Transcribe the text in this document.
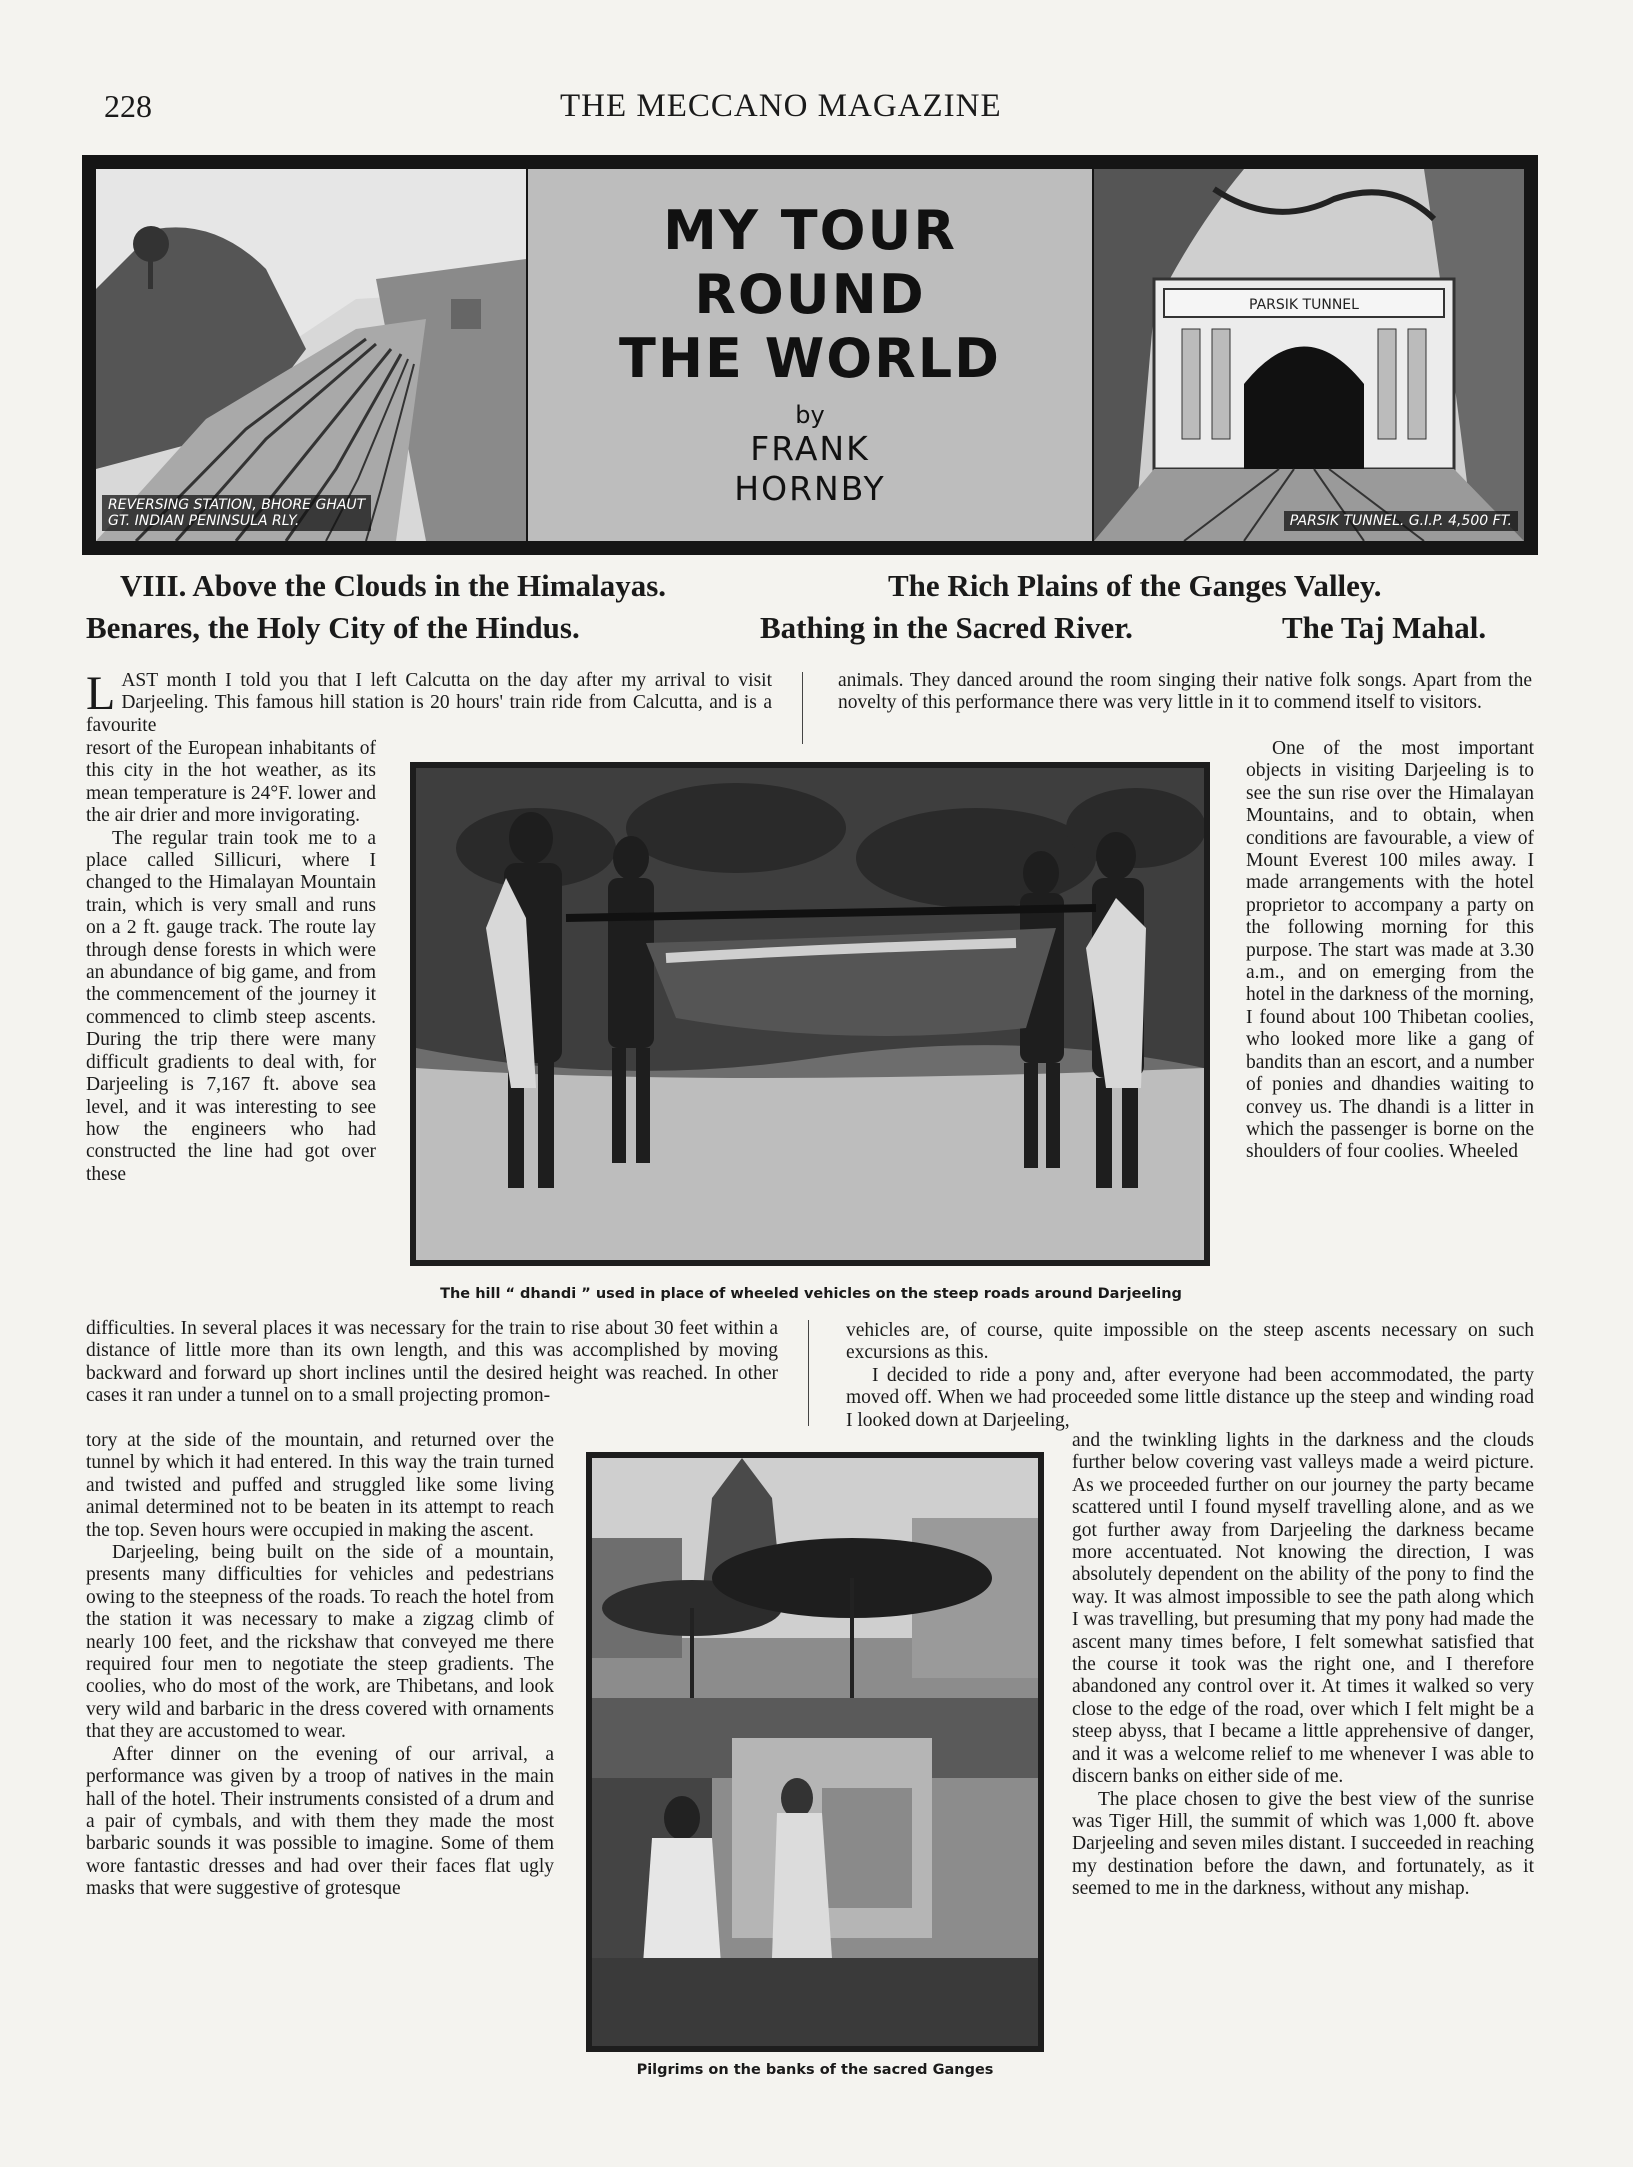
228	THE MECCANO MAGAZINE
REVERSING STATION, BHORE GHAUT
GT. INDIAN PENINSULA RLY.
MY TOUR
ROUND
THE WORLD
by
FRANK
HORNBY
PARSIK TUNNEL
PARSIK TUNNEL. G.I.P. 4,500 FT.
VIII. Above the Clouds in the Himalayas.	The Rich Plains of the Ganges Valley.
Benares, the Holy City of the Hindus.	Bathing in the Sacred River.	The Taj Mahal.
L AST month I told you that I left Calcutta on the day after my arrival to visit Darjeeling. This famous hill station is 20 hours' train ride from Calcutta, and is a favourite

animals. They danced around the room singing their native folk songs. Apart from the novelty of this performance there was very little in it to commend itself to visitors.

resort of the European inhabitants of this city in the hot weather, as its mean temperature is 24°F. lower and the air drier and more invigorating.

The regular train took me to a place called Sillicuri, where I changed to the Himalayan Mountain train, which is very small and runs on a 2 ft. gauge track. The route lay through dense forests in which were an abundance of big game, and from the commencement of the journey it commenced to climb steep ascents. During the trip there were many difficult gradients to deal with, for Darjeeling is 7,167 ft. above sea level, and it was interesting to see how the engineers who had constructed the line had got over these

The hill “ dhandi ” used in place of wheeled vehicles on the steep roads around Darjeeling

One of the most important objects in visiting Darjeeling is to see the sun rise over the Himalayan Mountains, and to obtain, when conditions are favourable, a view of Mount Everest 100 miles away. I made arrangements with the hotel proprietor to accompany a party on the following morning for this purpose. The start was made at 3.30 a.m., and on emerging from the hotel in the darkness of the morning, I found about 100 Thibetan coolies, who looked more like a gang of bandits than an escort, and a number of ponies and dhandies waiting to convey us. The dhandi is a litter in which the passenger is borne on the shoulders of four coolies. Wheeled

difficulties. In several places it was necessary for the train to rise about 30 feet within a distance of little more than its own length, and this was accomplished by moving backward and forward up short inclines until the desired height was reached. In other cases it ran under a tunnel on to a small projecting promon-

vehicles are, of course, quite impossible on the steep ascents necessary on such excursions as this.

I decided to ride a pony and, after everyone had been accommodated, the party moved off. When we had proceeded some little distance up the steep and winding road I looked down at Darjeeling,

tory at the side of the mountain, and returned over the tunnel by which it had entered. In this way the train turned and twisted and puffed and struggled like some living animal determined not to be beaten in its attempt to reach the top. Seven hours were occupied in making the ascent.

Darjeeling, being built on the side of a mountain, presents many difficulties for vehicles and pedestrians owing to the steepness of the roads. To reach the hotel from the station it was necessary to make a zigzag climb of nearly 100 feet, and the rickshaw that conveyed me there required four men to negotiate the steep gradients. The coolies, who do most of the work, are Thibetans, and look very wild and barbaric in the dress covered with ornaments that they are accustomed to wear.

After dinner on the evening of our arrival, a performance was given by a troop of natives in the main hall of the hotel. Their instruments consisted of a drum and a pair of cymbals, and with them they made the most barbaric sounds it was possible to imagine. Some of them wore fantastic dresses and had over their faces flat ugly masks that were suggestive of grotesque

Pilgrims on the banks of the sacred Ganges

and the twinkling lights in the darkness and the clouds further below covering vast valleys made a weird picture. As we proceeded further on our journey the party became scattered until I found myself travelling alone, and as we got further away from Darjeeling the darkness became more accentuated. Not knowing the direction, I was absolutely dependent on the ability of the pony to find the way. It was almost impossible to see the path along which I was travelling, but presuming that my pony had made the ascent many times before, I felt somewhat satisfied that the course it took was the right one, and I therefore abandoned any control over it. At times it walked so very close to the edge of the road, over which I felt might be a steep abyss, that I became a little apprehensive of danger, and it was a welcome relief to me whenever I was able to discern banks on either side of me.

The place chosen to give the best view of the sunrise was Tiger Hill, the summit of which was 1,000 ft. above Darjeeling and seven miles distant. I succeeded in reaching my destination before the dawn, and fortunately, as it seemed to me in the darkness, without any mishap.
